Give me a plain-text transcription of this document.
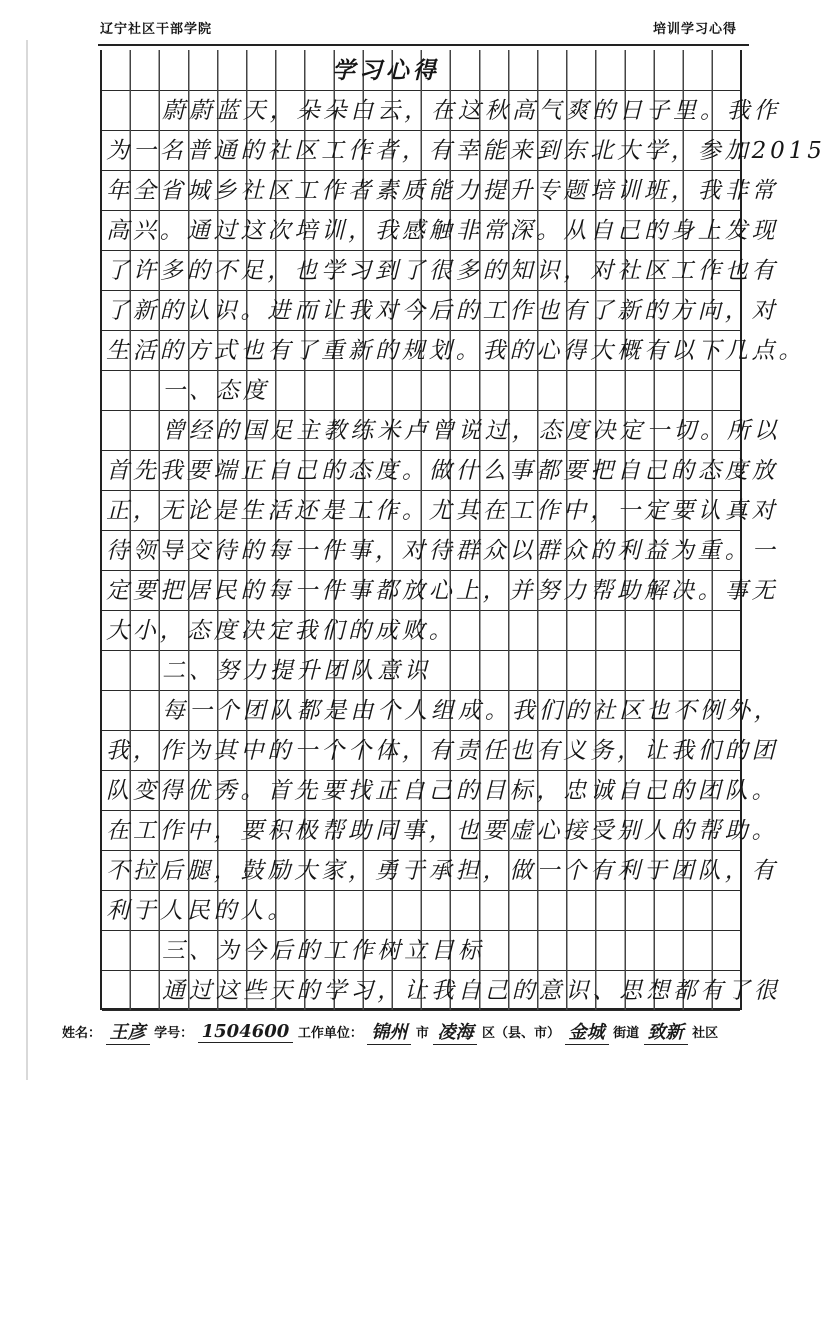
辽宁社区干部学院	培训学习心得
学习心得
蔚蔚蓝天，朵朵白云，在这秋高气爽的日子里。我作
为一名普通的社区工作者，有幸能来到东北大学，参加2015
年全省城乡社区工作者素质能力提升专题培训班，我非常
高兴。通过这次培训，我感触非常深。从自己的身上发现
了许多的不足，也学习到了很多的知识，对社区工作也有
了新的认识。进而让我对今后的工作也有了新的方向，对
生活的方式也有了重新的规划。我的心得大概有以下几点。
一、态度
曾经的国足主教练米卢曾说过，态度决定一切。所以
首先我要端正自己的态度。做什么事都要把自己的态度放
正，无论是生活还是工作。尤其在工作中，一定要认真对
待领导交待的每一件事，对待群众以群众的利益为重。一
定要把居民的每一件事都放心上，并努力帮助解决。事无
大小，态度决定我们的成败。
二、努力提升团队意识
每一个团队都是由个人组成。我们的社区也不例外，
我，作为其中的一个个体，有责任也有义务，让我们的团
队变得优秀。首先要找正自己的目标，忠诚自己的团队。
在工作中，要积极帮助同事，也要虚心接受别人的帮助。
不拉后腿，鼓励大家，勇于承担，做一个有利于团队，有
利于人民的人。
三、为今后的工作树立目标
通过这些天的学习，让我自己的意识、思想都有了很
姓名： 王彦 学号： 1504600 工作单位： 锦州 市 凌海 区（县、市） 金城 街道 致新 社区
